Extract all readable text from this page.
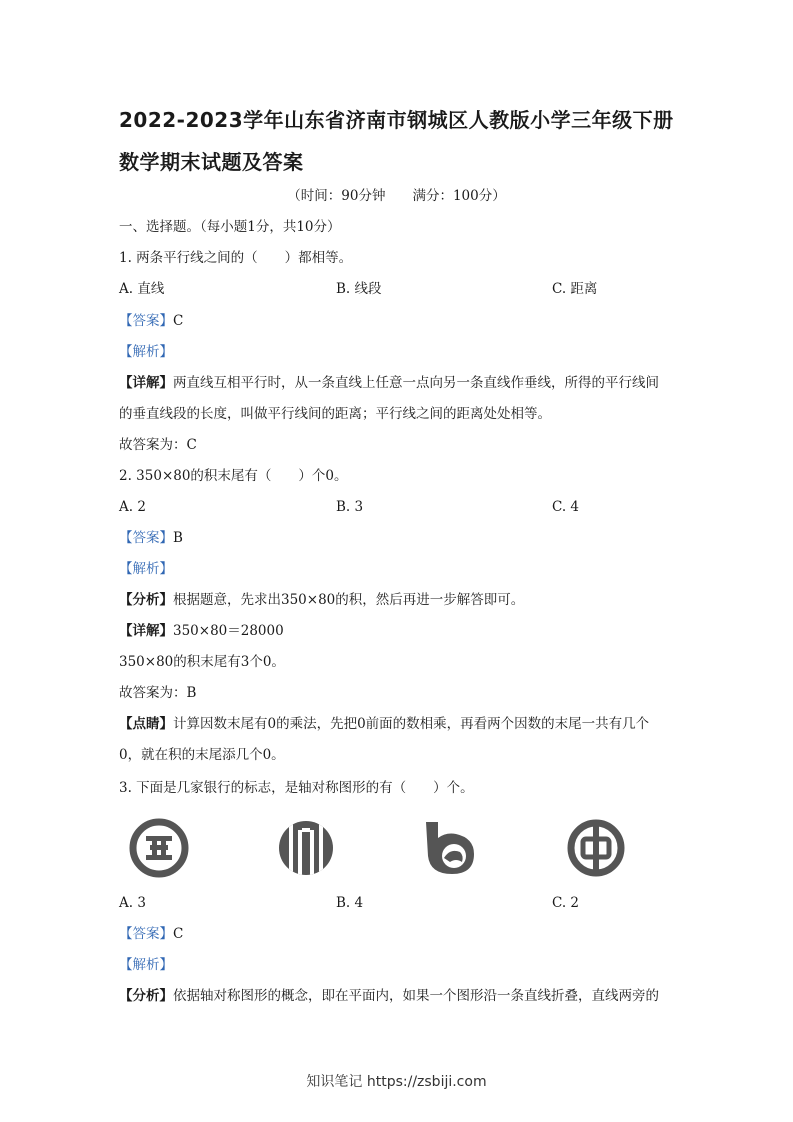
2022-2023学年山东省济南市钢城区人教版小学三年级下册
数学期末试题及答案
（时间：90分钟　　满分：100分）
一、选择题。（每小题1分，共10分）
1. 两条平行线之间的（　　）都相等。
A. 直线	B. 线段	C. 距离
【答案】C
【解析】
【详解】两直线互相平行时，从一条直线上任意一点向另一条直线作垂线，所得的平行线间
的垂直线段的长度，叫做平行线间的距离；平行线之间的距离处处相等。
故答案为：C
2. 350×80的积末尾有（　　）个0。
A. 2	B. 3	C. 4
【答案】B
【解析】
【分析】根据题意，先求出350×80的积，然后再进一步解答即可。
【详解】350×80＝28000
350×80的积末尾有3个0。
故答案为：B
【点睛】计算因数末尾有0的乘法，先把0前面的数相乘，再看两个因数的末尾一共有几个
0，就在积的末尾添几个0。
3. 下面是几家银行的标志，是轴对称图形的有（　　）个。
A. 3	B. 4	C. 2
【答案】C
【解析】
【分析】依据轴对称图形的概念，即在平面内，如果一个图形沿一条直线折叠，直线两旁的
知识笔记 https://zsbiji.com
